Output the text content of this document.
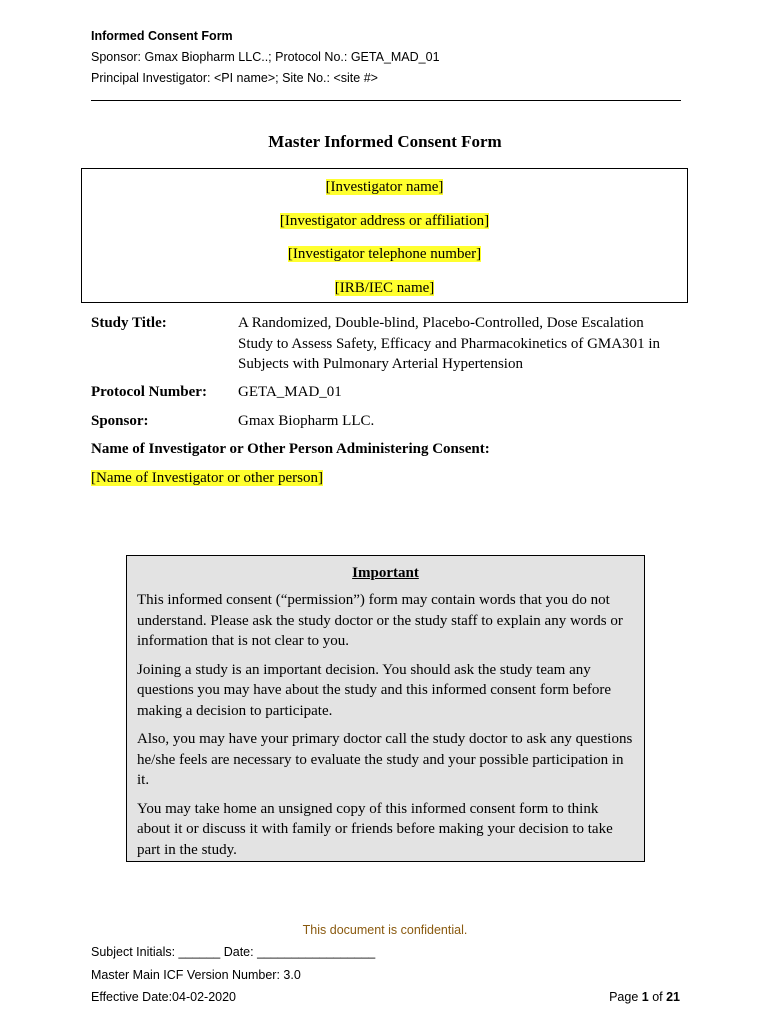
Informed Consent Form
Sponsor: Gmax Biopharm LLC..; Protocol No.: GETA_MAD_01
Principal Investigator: <PI name>; Site No.: <site #>
Master Informed Consent Form
[Investigator name]
[Investigator address or affiliation]
[Investigator telephone number]
[IRB/IEC name]
Study Title:	A Randomized, Double-blind, Placebo-Controlled, Dose Escalation Study to Assess Safety, Efficacy and Pharmacokinetics of GMA301 in Subjects with Pulmonary Arterial Hypertension
Protocol Number:	GETA_MAD_01
Sponsor:	Gmax Biopharm LLC.
Name of Investigator or Other Person Administering Consent:
[Name of Investigator or other person]
Important

This informed consent (“permission”) form may contain words that you do not understand. Please ask the study doctor or the study staff to explain any words or information that is not clear to you.

Joining a study is an important decision. You should ask the study team any questions you may have about the study and this informed consent form before making a decision to participate.

Also, you may have your primary doctor call the study doctor to ask any questions he/she feels are necessary to evaluate the study and your possible participation in it.

You may take home an unsigned copy of this informed consent form to think about it or discuss it with family or friends before making your decision to take part in the study.

This document is confidential.
Subject Initials: ______ Date: _________________
Master Main ICF Version Number: 3.0
Effective Date:04-02-2020	Page 1 of 21
